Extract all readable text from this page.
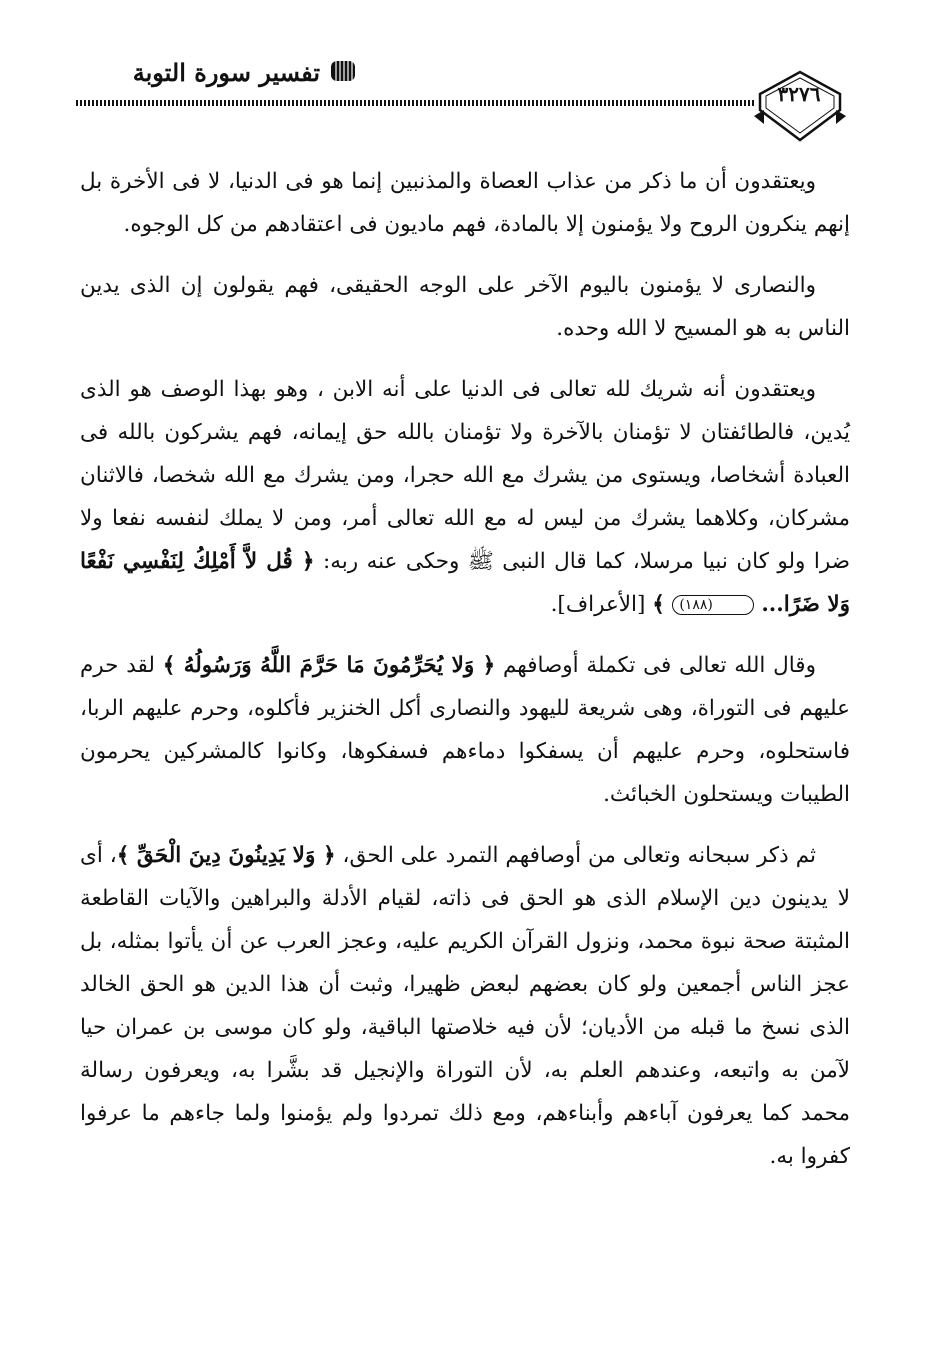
تفسير سورة التوبة
٣٢٧٦

ويعتقدون أن ما ذكر من عذاب العصاة والمذنبين إنما هو فى الدنيا، لا فى الأخرة بل إنهم ينكرون الروح ولا يؤمنون إلا بالمادة، فهم ماديون فى اعتقادهم من كل الوجوه.

والنصارى لا يؤمنون باليوم الآخر على الوجه الحقيقى، فهم يقولون إن الذى يدين الناس به هو المسيح لا الله وحده.

ويعتقدون أنه شريك لله تعالى فى الدنيا على أنه الابن ، وهو بهذا الوصف هو الذى يُدين، فالطائفتان لا تؤمنان بالآخرة ولا تؤمنان بالله حق إيمانه، فهم يشركون بالله فى العبادة أشخاصا، ويستوى من يشرك مع الله حجرا، ومن يشرك مع الله شخصا، فالاثنان مشركان، وكلاهما يشرك من ليس له مع الله تعالى أمر، ومن لا يملك لنفسه نفعا ولا ضرا ولو كان نبيا مرسلا، كما قال النبى ﷺ وحكى عنه ربه: ﴿ قُل لاَّ أَمْلِكُ لِنَفْسِي نَفْعًا وَلا ضَرًا... (١٨٨) ﴾ [الأعراف].

وقال الله تعالى فى تكملة أوصافهم ﴿ وَلا يُحَرِّمُونَ مَا حَرَّمَ اللَّهُ وَرَسُولُهُ ﴾ لقد حرم عليهم فى التوراة، وهى شريعة لليهود والنصارى أكل الخنزير فأكلوه، وحرم عليهم الربا، فاستحلوه، وحرم عليهم أن يسفكوا دماءهم فسفكوها، وكانوا كالمشركين يحرمون الطيبات ويستحلون الخبائث.

ثم ذكر سبحانه وتعالى من أوصافهم التمرد على الحق، ﴿ وَلا يَدِينُونَ دِينَ الْحَقِّ ﴾، أى لا يدينون دين الإسلام الذى هو الحق فى ذاته، لقيام الأدلة والبراهين والآيات القاطعة المثبتة صحة نبوة محمد، ونزول القرآن الكريم عليه، وعجز العرب عن أن يأتوا بمثله، بل عجز الناس أجمعين ولو كان بعضهم لبعض ظهيرا، وثبت أن هذا الدين هو الحق الخالد الذى نسخ ما قبله من الأديان؛ لأن فيه خلاصتها الباقية، ولو كان موسى بن عمران حيا لآمن به واتبعه، وعندهم العلم به، لأن التوراة والإنجيل قد بشَّرا به، ويعرفون رسالة محمد كما يعرفون آباءهم وأبناءهم، ومع ذلك تمردوا ولم يؤمنوا ولما جاءهم ما عرفوا كفروا به.
